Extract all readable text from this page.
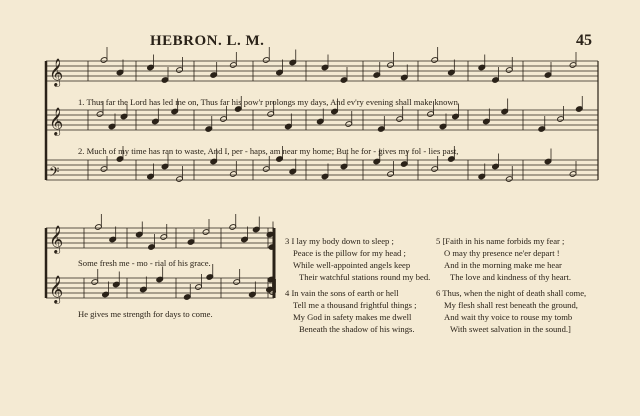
HEBRON. L. M.	45
𝄞
𝄞
𝄢
𝄞
𝄞
1. Thus far the Lord has led me on, Thus far his pow'r prolongs my days, And ev'ry evening shall make known
2. Much of my time has ran to waste, And I, per - haps, am near my home; But he for - gives my fol - lies past,
Some fresh me - mo - rial of his grace.
He gives me strength for days to come.
3 I lay my body down to sleep ;
Peace is the pillow for my head ;
While well-appointed angels keep
Their watchful stations round my bed.
4 In vain the sons of earth or hell
Tell me a thousand frightful things ;
My God in safety makes me dwell
Beneath the shadow of his wings.
5 [Faith in his name forbids my fear ;
O may thy presence ne'er depart !
And in the morning make me hear
The love and kindness of thy heart.
6 Thus, when the night of death shall come,
My flesh shall rest beneath the ground,
And wait thy voice to rouse my tomb
With sweet salvation in the sound.]
